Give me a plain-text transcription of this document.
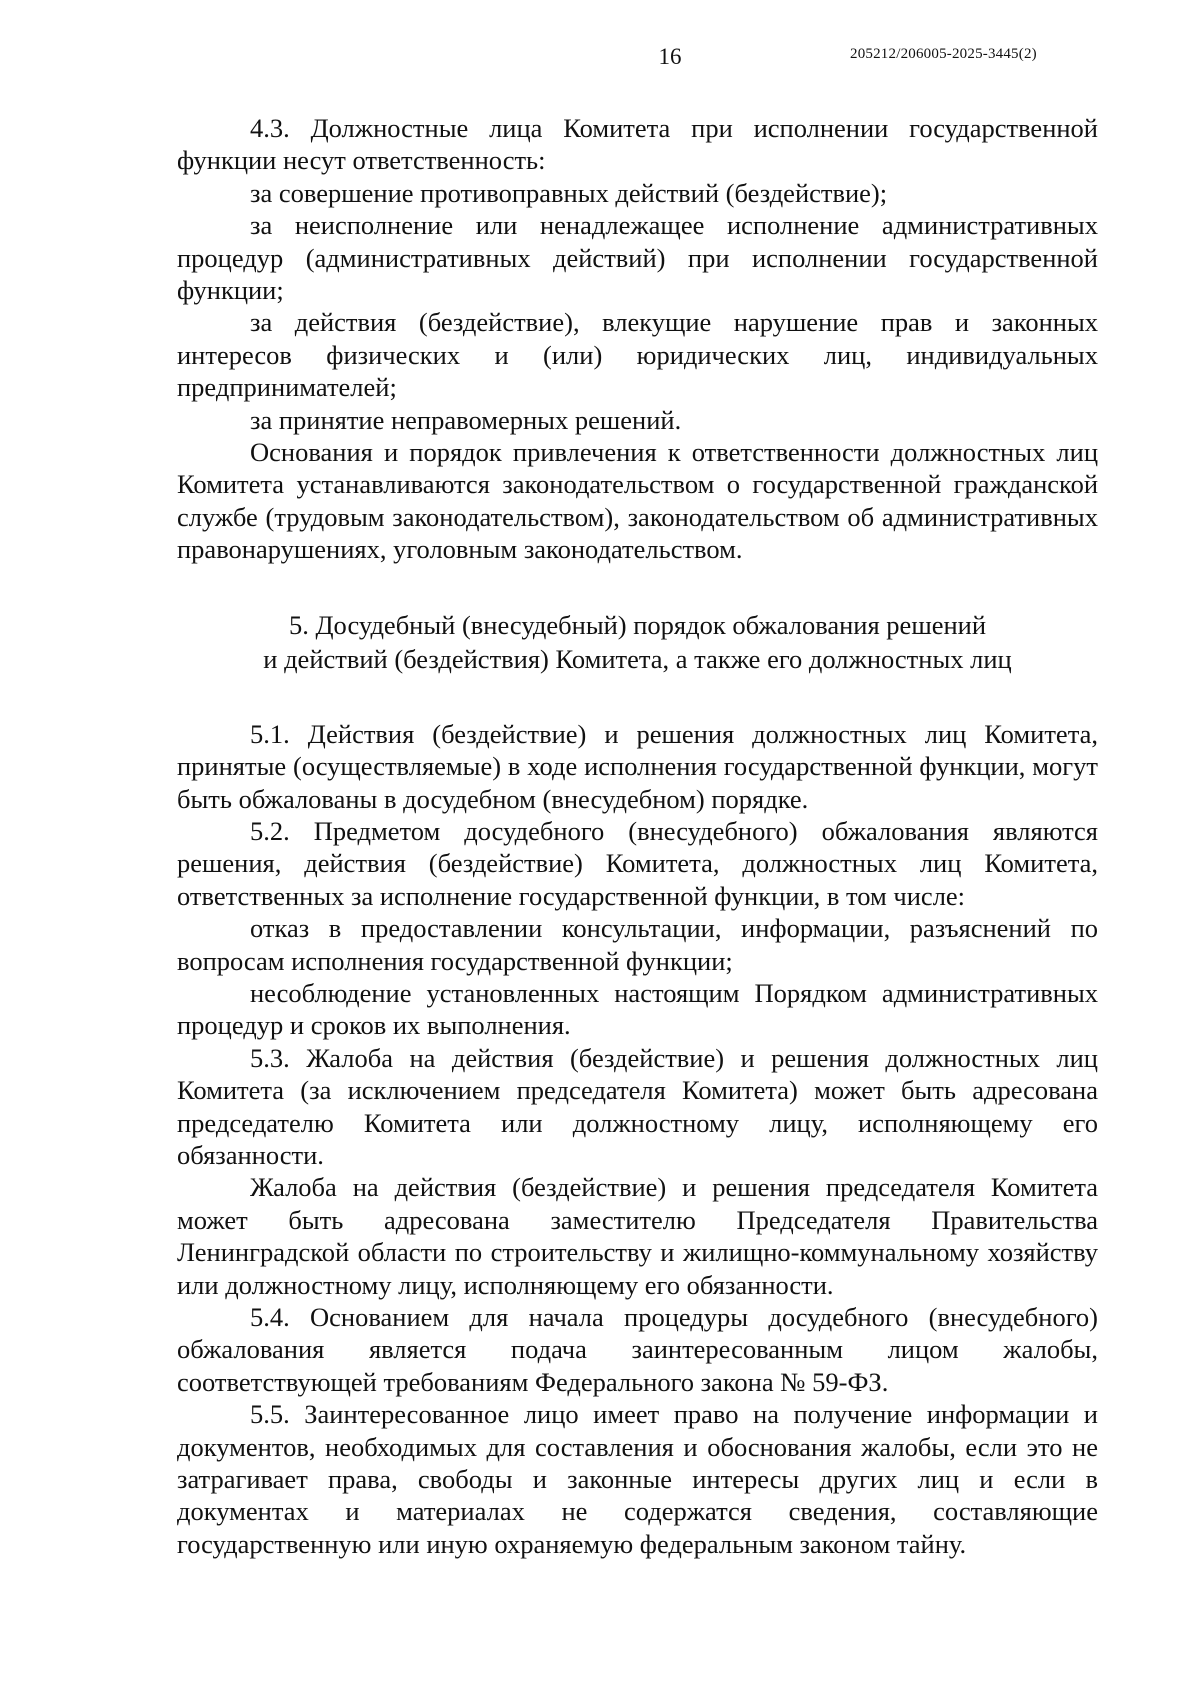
16	205212/206005-2025-3445(2)

4.3. Должностные лица Комитета при исполнении государственной функции несут ответственность:

за совершение противоправных действий (бездействие);

за неисполнение или ненадлежащее исполнение административных процедур (административных действий) при исполнении государственной функции;

за действия (бездействие), влекущие нарушение прав и законных интересов физических и (или) юридических лиц, индивидуальных предпринимателей;

за принятие неправомерных решений.

Основания и порядок привлечения к ответственности должностных лиц Комитета устанавливаются законодательством о государственной гражданской службе (трудовым законодательством), законодательством об административных правонарушениях, уголовным законодательством.

5. Досудебный (внесудебный) порядок обжалования решений
и действий (бездействия) Комитета, а также его должностных лиц

5.1. Действия (бездействие) и решения должностных лиц Комитета, принятые (осуществляемые) в ходе исполнения государственной функции, могут быть обжалованы в досудебном (внесудебном) порядке.

5.2. Предметом досудебного (внесудебного) обжалования являются решения, действия (бездействие) Комитета, должностных лиц Комитета, ответственных за исполнение государственной функции, в том числе:

отказ в предоставлении консультации, информации, разъяснений по вопросам исполнения государственной функции;

несоблюдение установленных настоящим Порядком административных процедур и сроков их выполнения.

5.3. Жалоба на действия (бездействие) и решения должностных лиц Комитета (за исключением председателя Комитета) может быть адресована председателю Комитета или должностному лицу, исполняющему его обязанности.

Жалоба на действия (бездействие) и решения председателя Комитета может быть адресована заместителю Председателя Правительства Ленинградской области по строительству и жилищно-коммунальному хозяйству или должностному лицу, исполняющему его обязанности.

5.4. Основанием для начала процедуры досудебного (внесудебного) обжалования является подача заинтересованным лицом жалобы, соответствующей требованиям Федерального закона № 59-ФЗ.

5.5. Заинтересованное лицо имеет право на получение информации и документов, необходимых для составления и обоснования жалобы, если это не затрагивает права, свободы и законные интересы других лиц и если в документах и материалах не содержатся сведения, составляющие государственную или иную охраняемую федеральным законом тайну.
